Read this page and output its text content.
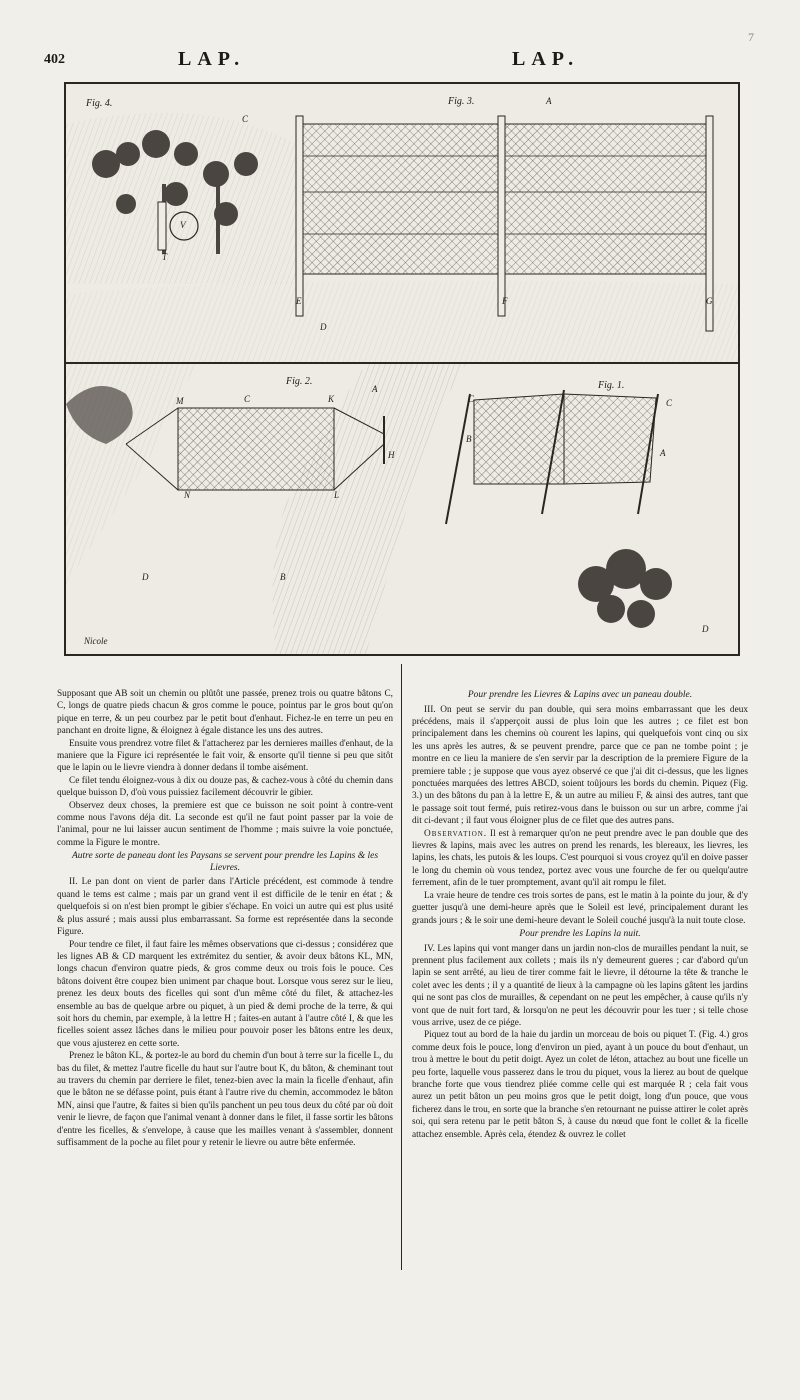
7
402	LAP.	LAP.
Fig. 4.	Fig. 3.
Fig. 2.	Fig. 1.
A
C
E	F	G
D
T
V
M	C	K
A
H
N	L
D	B
B
C	C
A
D
Nicole

Supposant que AB soit un chemin ou plûtôt une passée, prenez trois ou quatre bâtons C, C, longs de quatre pieds chacun & gros comme le pouce, pointus par le gros bout qu'on pique en terre, & un peu courbez par le petit bout d'enhaut. Fichez-le en terre un peu en panchant en droite ligne, & éloignez à égale distance les uns des autres.

Ensuite vous prendrez votre filet & l'attacherez par les dernieres mailles d'enhaut, de la maniere que la Figure ici représentée le fait voir, & ensorte qu'il tienne si peu que sitôt que le lapin ou le lievre viendra à donner dedans il tombe aisément.

Ce filet tendu éloignez-vous à dix ou douze pas, & cachez-vous à côté du chemin dans quelque buisson D, d'où vous puissiez facilement découvrir le gibier.

Observez deux choses, la premiere est que ce buisson ne soit point à contre-vent comme nous l'avons déja dit. La seconde est qu'il ne faut point passer par la voie de l'animal, pour ne lui laisser aucun sentiment de l'homme ; mais suivre la voie ponctuée, comme la Figure le montre.

Autre sorte de paneau dont les Paysans se servent pour prendre les Lapins & les Lievres.

II. Le pan dont on vient de parler dans l'Article précédent, est commode à tendre quand le tems est calme ; mais par un grand vent il est difficile de le tenir en état ; & quelquefois si on n'est bien prompt le gibier s'échape. En voici un autre qui est plus usité & plus assuré ; mais aussi plus embarrassant. Sa forme est représentée dans la seconde Figure.

Pour tendre ce filet, il faut faire les mêmes observations que ci-dessus ; considérez que les lignes AB & CD marquent les extrémitez du sentier, & avoir deux bâtons KL, MN, longs chacun d'environ quatre pieds, & gros comme deux ou trois fois le pouce. Ces bâtons doivent être coupez bien uniment par chaque bout. Lorsque vous serez sur le lieu, prenez les deux bouts des ficelles qui sont d'un même côté du filet, & attachez-les ensemble au bas de quelque arbre ou piquet, à un pied & demi proche de la terre, & qui soit hors du chemin, par exemple, à la lettre H ; faites-en autant à l'autre côté I, & que les ficelles soient assez lâches dans le milieu pour pouvoir poser les bâtons entre les deux, que vous ajusterez en cette sorte.

Prenez le bâton KL, & portez-le au bord du chemin d'un bout à terre sur la ficelle L, du bas du filet, & mettez l'autre ficelle du haut sur l'autre bout K, du bâton, & cheminant tout au travers du chemin par derriere le filet, tenez-bien avec la main la ficelle d'enhaut, afin que le bâton ne se défasse point, puis étant à l'autre rive du chemin, accommodez le bâton MN, ainsi que l'autre, & faites si bien qu'ils panchent un peu tous deux du côté par où doit venir le lievre, de façon que l'animal venant à donner dans le filet, il fasse sortir les bâtons d'entre les ficelles, & s'envelope, à cause que les mailles venant à s'assembler, donnent suffisamment de la poche au filet pour y retenir le lievre ou autre bête enfermée.

Pour prendre les Lievres & Lapins avec un paneau double.

III. On peut se servir du pan double, qui sera moins embarrassant que les deux précédens, mais il s'apperçoit aussi de plus loin que les autres ; ce filet est bon principalement dans les chemins où courent les lapins, qui quelquefois vont cinq ou six les uns après les autres, & se peuvent prendre, parce que ce pan ne tombe point ; je montre en ce lieu la maniere de s'en servir par la description de la premiere Figure de la premiere table ; je suppose que vous ayez observé ce que j'ai dit ci-dessus, que les lignes ponctuées marquées des lettres ABCD, soient toûjours les bords du chemin. Piquez (Fig. 3.) un des bâtons du pan à la lettre E, & un autre au milieu F, & ainsi des autres, tant que le passage soit tout fermé, puis retirez-vous dans le buisson ou sur un arbre, comme j'ai dit ci-devant ; il faut vous éloigner plus de ce filet que des autres pans.

Observation. Il est à remarquer qu'on ne peut prendre avec le pan double que des lievres & lapins, mais avec les autres on prend les renards, les blereaux, les lievres, les lapins, les chats, les putois & les loups. C'est pourquoi si vous croyez qu'il en doive passer le long du chemin où vous tendez, portez avec vous une fourche de fer ou quelqu'autre ferrement, afin de le tuer promptement, avant qu'il ait rompu le filet.

La vraie heure de tendre ces trois sortes de pans, est le matin à la pointe du jour, & d'y guetter jusqu'à une demi-heure après que le Soleil est levé, principalement durant les grands jours ; & le soir une demi-heure devant le Soleil couché jusqu'à la nuit toute close.

Pour prendre les Lapins la nuit.

IV. Les lapins qui vont manger dans un jardin non-clos de murailles pendant la nuit, se prennent plus facilement aux collets ; mais ils n'y demeurent gueres ; car d'abord qu'un lapin se sent arrêté, au lieu de tirer comme fait le lievre, il détourne la tête & tranche le colet avec les dents ; il y a quantité de lieux à la campagne où les lapins gâtent les jardins qui ne sont pas clos de murailles, & cependant on ne peut les empêcher, à cause qu'ils n'y vont que de nuit fort tard, & lorsqu'on ne peut les découvrir pour les tuer ; si telle chose vous arrive, usez de ce piége.

Piquez tout au bord de la haie du jardin un morceau de bois ou piquet T. (Fig. 4.) gros comme deux fois le pouce, long d'environ un pied, ayant à un pouce du bout d'enhaut, un trou à mettre le bout du petit doigt. Ayez un colet de léton, attachez au bout une ficelle un peu forte, laquelle vous passerez dans le trou du piquet, vous la lierez au bout de quelque branche forte que vous tiendrez pliée comme celle qui est marquée R ; cela fait vous aurez un petit bâton un peu moins gros que le petit doigt, long d'un pouce, que vous ficherez dans le trou, en sorte que la branche s'en retournant ne puisse attirer le colet après soi, qui sera retenu par le petit bâton S, à cause du nœud que font le collet & la ficelle attachez ensemble. Après cela, étendez & ouvrez le collet
